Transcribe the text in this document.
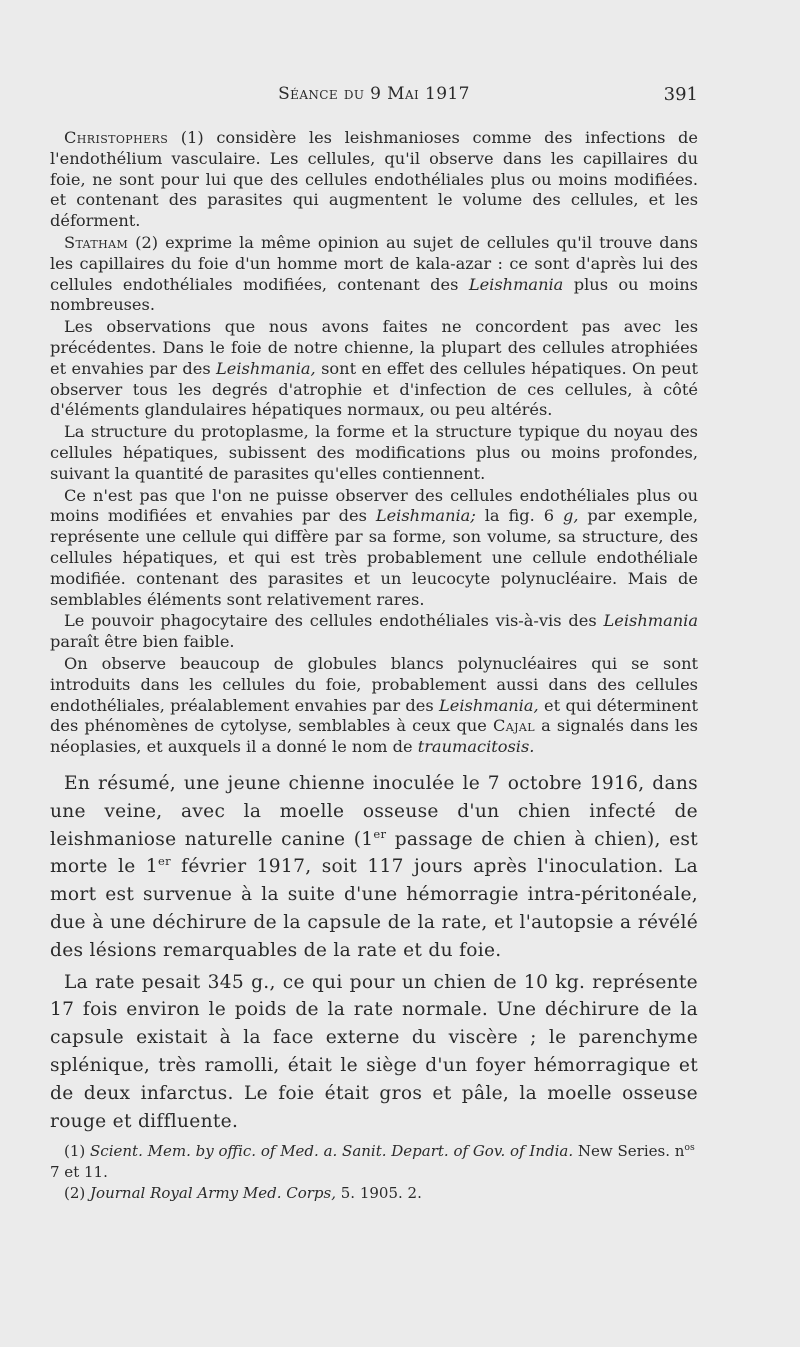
Séance du 9 Mai 1917	391

Christophers (1) considère les leishmanioses comme des infections de l'endothélium vasculaire. Les cellules, qu'il observe dans les capillaires du foie, ne sont pour lui que des cellules endothéliales plus ou moins modifiées. et contenant des parasites qui augmentent le volume des cellules, et les déforment.

Statham (2) exprime la même opinion au sujet de cellules qu'il trouve dans les capillaires du foie d'un homme mort de kala-azar : ce sont d'après lui des cellules endothéliales modifiées, contenant des Leishmania plus ou moins nombreuses.

Les observations que nous avons faites ne concordent pas avec les précédentes. Dans le foie de notre chienne, la plupart des cellules atrophiées et envahies par des Leishmania, sont en effet des cellules hépatiques. On peut observer tous les degrés d'atrophie et d'infection de ces cellules, à côté d'éléments glandulaires hépatiques normaux, ou peu altérés.

La structure du protoplasme, la forme et la structure typique du noyau des cellules hépatiques, subissent des modifications plus ou moins profondes, suivant la quantité de parasites qu'elles contiennent.

Ce n'est pas que l'on ne puisse observer des cellules endothéliales plus ou moins modifiées et envahies par des Leishmania; la fig. 6 g, par exemple, représente une cellule qui diffère par sa forme, son volume, sa structure, des cellules hépatiques, et qui est très probablement une cellule endothéliale modifiée. contenant des parasites et un leucocyte polynucléaire. Mais de semblables éléments sont relativement rares.

Le pouvoir phagocytaire des cellules endothéliales vis-à-vis des Leishmania paraît être bien faible.

On observe beaucoup de globules blancs polynucléaires qui se sont introduits dans les cellules du foie, probablement aussi dans des cellules endothéliales, préalablement envahies par des Leishmania, et qui déterminent des phénomènes de cytolyse, semblables à ceux que Cajal a signalés dans les néoplasies, et auxquels il a donné le nom de traumacitosis.

En résumé, une jeune chienne inoculée le 7 octobre 1916, dans une veine, avec la moelle osseuse d'un chien infecté de leishmaniose naturelle canine (1er passage de chien à chien), est morte le 1er février 1917, soit 117 jours après l'inoculation. La mort est survenue à la suite d'une hémorragie intra-péritonéale, due à une déchirure de la capsule de la rate, et l'autopsie a révélé des lésions remarquables de la rate et du foie.

La rate pesait 345 g., ce qui pour un chien de 10 kg. représente 17 fois environ le poids de la rate normale. Une déchirure de la capsule existait à la face externe du viscère ; le parenchyme splénique, très ramolli, était le siège d'un foyer hémorragique et de deux infarctus. Le foie était gros et pâle, la moelle osseuse rouge et diffluente.

(1) Scient. Mem. by offic. of Med. a. Sanit. Depart. of Gov. of India. New Series. $n^{os}$ 7 et 11.

(2) Journal Royal Army Med. Corps, 5. 1905. 2.
